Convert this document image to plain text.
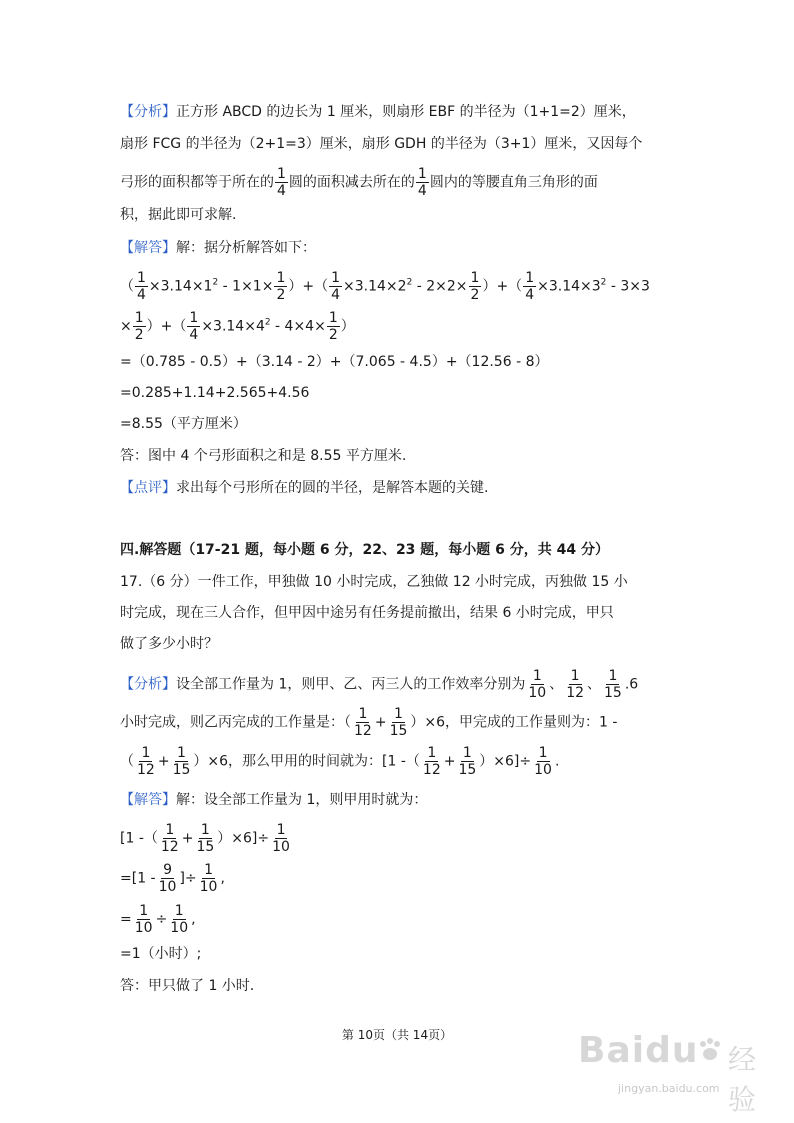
【分析】正方形 ABCD 的边长为 1 厘米，则扇形 EBF 的半径为（1+1=2）厘米，
扇形 FCG 的半径为（2+1=3）厘米，扇形 GDH 的半径为（3+1）厘米，又因每个
弓形的面积都等于所在的 $\frac{1}{4}$ 圆的面积减去所在的 $\frac{1}{4}$ 圆内的等腰直角三角形的面
积，据此即可求解.
【解答】解：据分析解答如下：
（ $\frac{1}{4} \times 3.14\times 1^2 - 1\times 1\times \frac{1}{2}$ ）+（ $\frac{1}{4} \times 3.14\times 2^2 - 2\times 2\times \frac{1}{2}$ ）+（ $\frac{1}{4} \times 3.14\times 3^2 - 3\times 3$
× $\frac{1}{2}$ ）+（ $\frac{1}{4} \times 3.14\times 4^2 - 4\times 4\times \frac{1}{2}$ ）
=（0.785 - 0.5）+（3.14 - 2）+（7.065 - 4.5）+（12.56 - 8）
=0.285+1.14+2.565+4.56
=8.55（平方厘米）
答：图中 4 个弓形面积之和是 8.55 平方厘米.
【点评】求出每个弓形所在的圆的半径，是解答本题的关键.
四.解答题（17-21 题，每小题 6 分，22、23 题，每小题 6 分，共 44 分）
17.（6 分）一件工作，甲独做 10 小时完成，乙独做 12 小时完成，丙独做 15 小
时完成，现在三人合作，但甲因中途另有任务提前撤出，结果 6 小时完成，甲只
做了多少小时？
【分析】设全部工作量为 1，则甲、乙、丙三人的工作效率分别为 $\frac{1}{10}$ 、 $\frac{1}{12}$ 、 $\frac{1}{15} .6$
小时完成，则乙丙完成的工作量是：（ $\frac{1}{12} + \frac{1}{15} )\times 6$，甲完成的工作量则为：1 -
（ $\frac{1}{12} + \frac{1}{15} )\times 6$，那么甲用的时间就为：[1 -（ $\frac{1}{12} + \frac{1}{15} )\times 6]\div \frac{1}{10}$ .
【解答】解：设全部工作量为 1，则甲用时就为：
[1 -（ $\frac{1}{12} + \frac{1}{15} )\times 6]\div \frac{1}{10}$
$=[1 - \frac{9}{10}$ ]÷ $\frac{1}{10}$ ,
= $\frac{1}{10} \div \frac{1}{10}$ ,
=1（小时）;
答：甲只做了 1 小时.
第 10页（共 14页）	Baidu 经验
jingyan.baidu.com
